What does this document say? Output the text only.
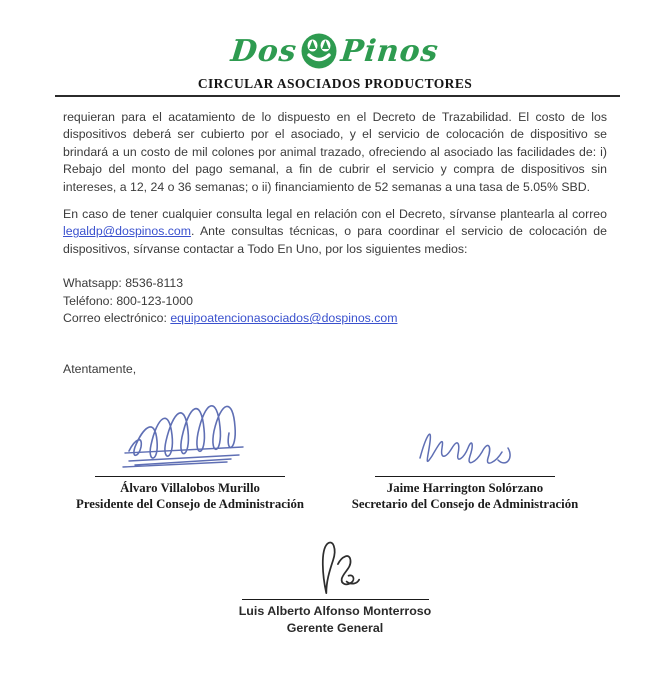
Dos Pinos
CIRCULAR ASOCIADOS PRODUCTORES

requieran para el acatamiento de lo dispuesto en el Decreto de Trazabilidad. El costo de los dispositivos deberá ser cubierto por el asociado, y el servicio de colocación de dispositivo se brindará a un costo de mil colones por animal trazado, ofreciendo al asociado las facilidades de: i) Rebajo del monto del pago semanal, a fin de cubrir el servicio y compra de dispositivos sin intereses, a 12, 24 o 36 semanas; o ii) financiamiento de 52 semanas a una tasa de 5.05% SBD.

En caso de tener cualquier consulta legal en relación con el Decreto, sírvanse plantearla al correo legaldp@dospinos.com. Ante consultas técnicas, o para coordinar el servicio de colocación de dispositivos, sírvanse contactar a Todo En Uno, por los siguientes medios:

Whatsapp: 8536-8113
Teléfono: 800-123-1000
Correo electrónico: equipoatencionasociados@dospinos.com
Atentamente,
Álvaro Villalobos Murillo
Presidente del Consejo de Administración
Jaime Harrington Solórzano
Secretario del Consejo de Administración
Luis Alberto Alfonso Monterroso
Gerente General
